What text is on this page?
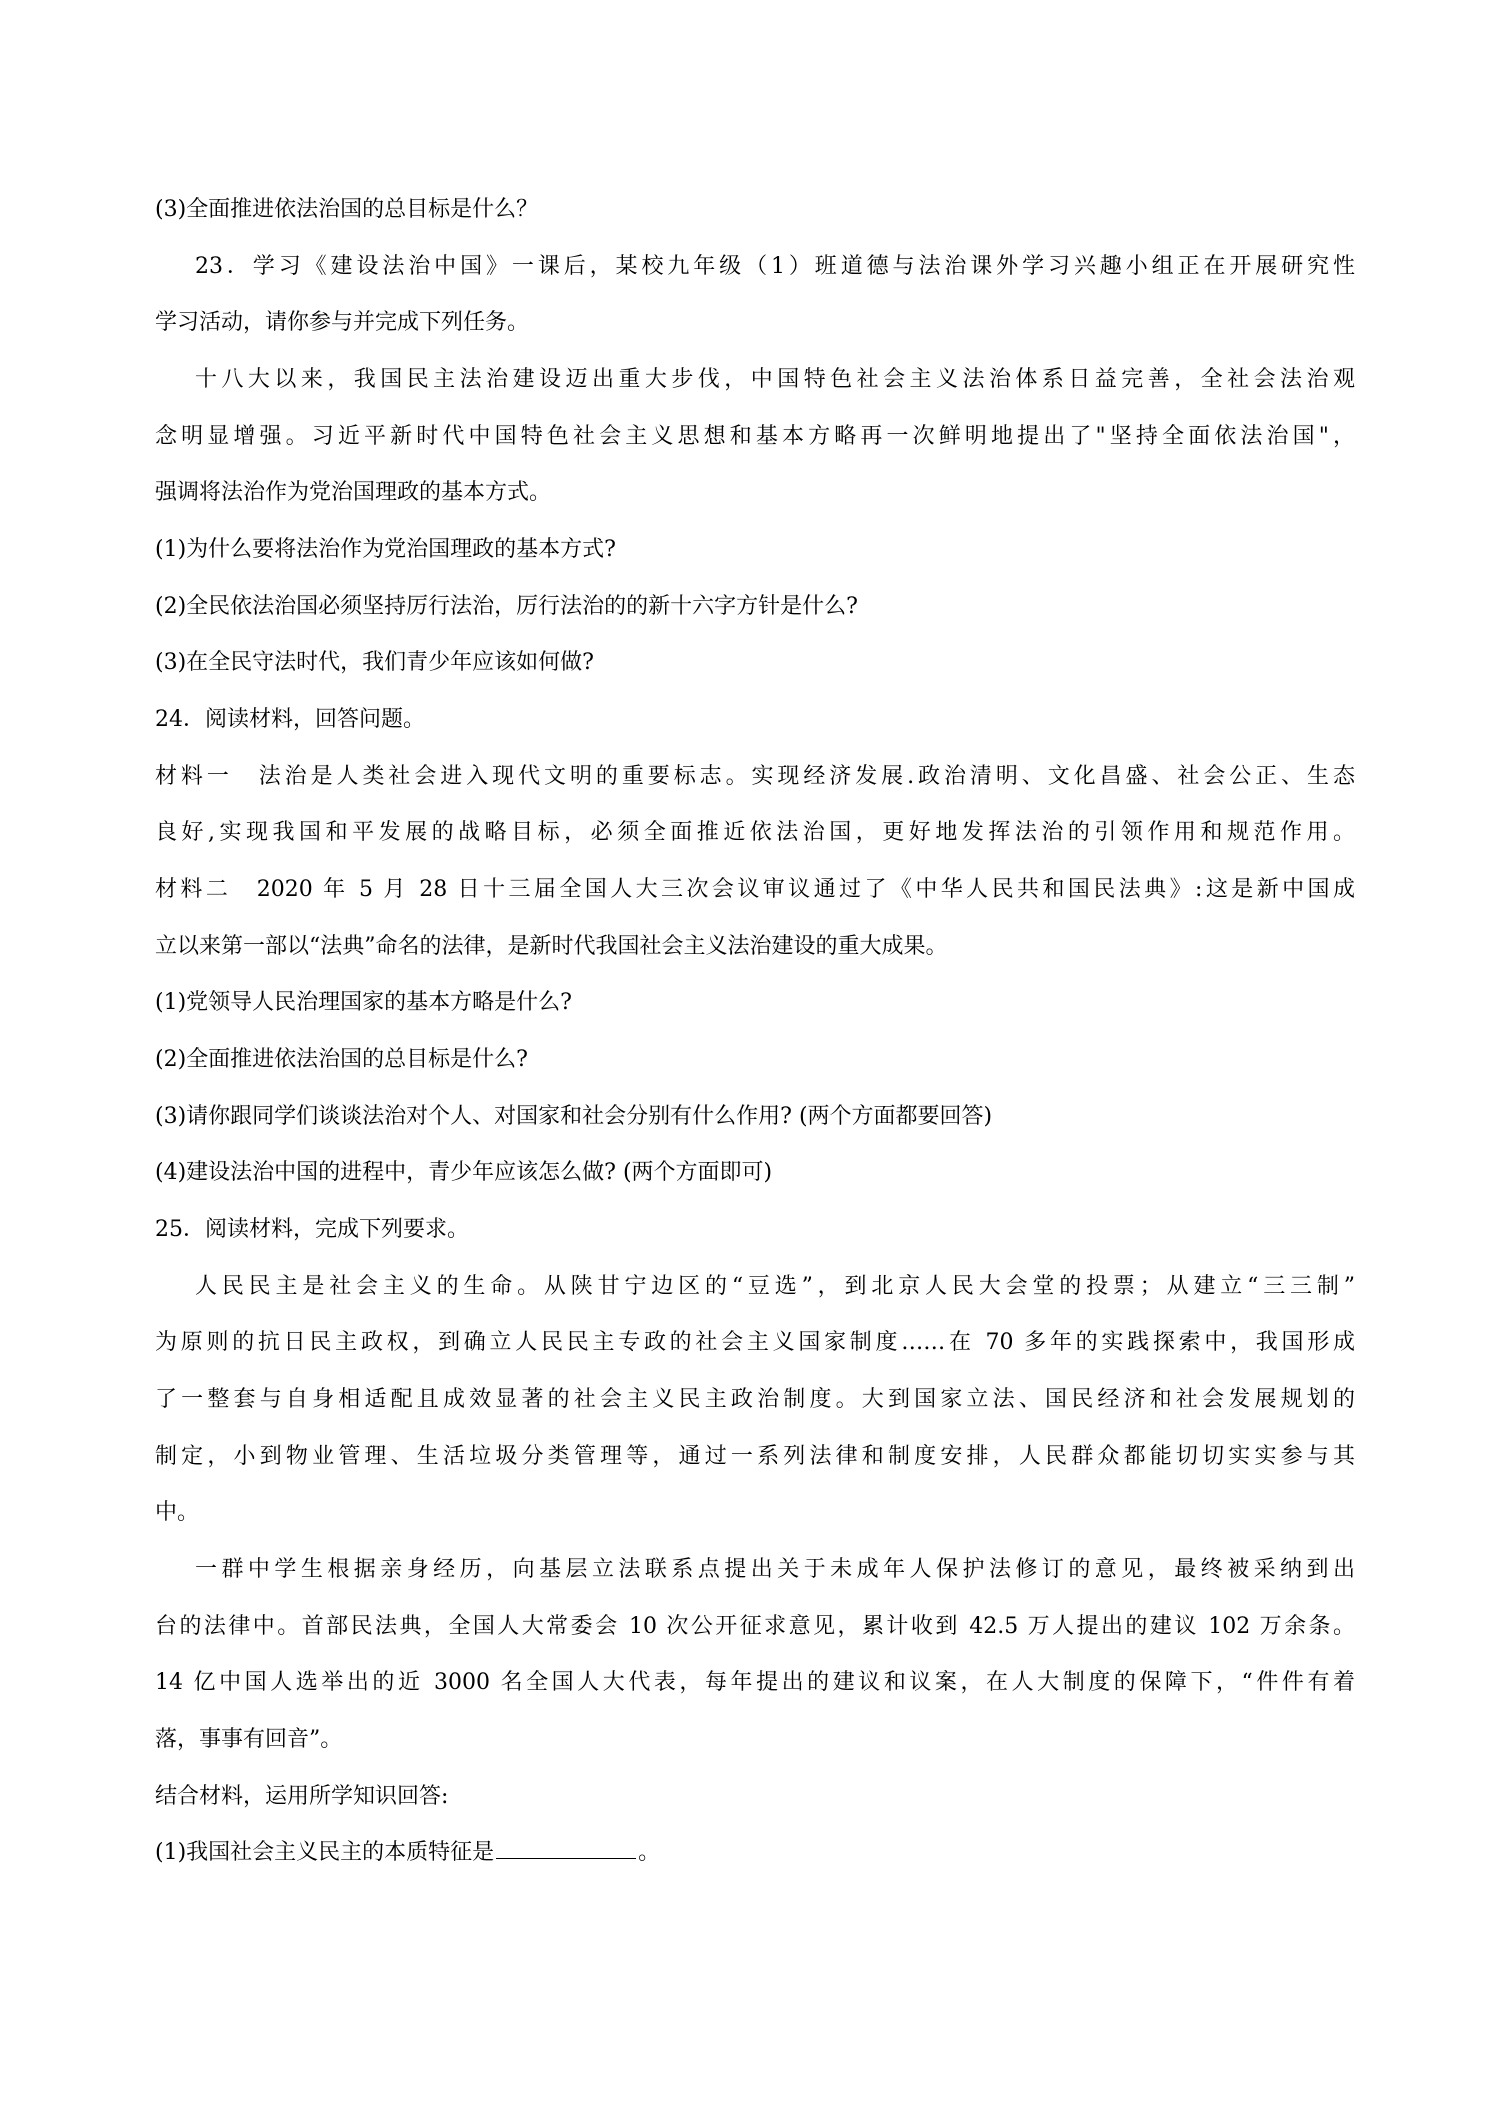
(3)全面推进依法治国的总目标是什么？
23．学习《建设法治中国》一课后，某校九年级（1）班道德与法治课外学习兴趣小组正在开展研究性
学习活动，请你参与并完成下列任务。
十八大以来，我国民主法治建设迈出重大步伐，中国特色社会主义法治体系日益完善，全社会法治观
念明显增强。习近平新时代中国特色社会主义思想和基本方略再一次鲜明地提出了"坚持全面依法治国"，
强调将法治作为党治国理政的基本方式。
(1)为什么要将法治作为党治国理政的基本方式?
(2)全民依法治国必须坚持厉行法治，厉行法治的的新十六字方针是什么?
(3)在全民守法时代，我们青少年应该如何做?
24．阅读材料，回答问题。
材料一　法治是人类社会进入现代文明的重要标志。实现经济发展.政治清明、文化昌盛、社会公正、生态
良好,实现我国和平发展的战略目标，必须全面推近依法治国，更好地发挥法治的引领作用和规范作用。
材料二　2020 年 5 月 28 日十三届全国人大三次会议审议通过了《中华人民共和国民法典》:这是新中国成
立以来第一部以“法典”命名的法律，是新时代我国社会主义法治建设的重大成果。
(1)党领导人民治理国家的基本方略是什么?
(2)全面推进依法治国的总目标是什么?
(3)请你跟同学们谈谈法治对个人、对国家和社会分别有什么作用? (两个方面都要回答)
(4)建设法治中国的进程中，青少年应该怎么做? (两个方面即可)
25．阅读材料，完成下列要求。
人民民主是社会主义的生命。从陕甘宁边区的“豆选”，到北京人民大会堂的投票；从建立“三三制”
为原则的抗日民主政权，到确立人民民主专政的社会主义国家制度……在 70 多年的实践探索中，我国形成
了一整套与自身相适配且成效显著的社会主义民主政治制度。大到国家立法、国民经济和社会发展规划的
制定，小到物业管理、生活垃圾分类管理等，通过一系列法律和制度安排，人民群众都能切切实实参与其
中。
一群中学生根据亲身经历，向基层立法联系点提出关于未成年人保护法修订的意见，最终被采纳到出
台的法律中。首部民法典，全国人大常委会 10 次公开征求意见，累计收到 42.5 万人提出的建议 102 万余条。
14 亿中国人选举出的近 3000 名全国人大代表，每年提出的建议和议案，在人大制度的保障下，“件件有着
落，事事有回音”。
结合材料，运用所学知识回答:
(1)我国社会主义民主的本质特征是	。
